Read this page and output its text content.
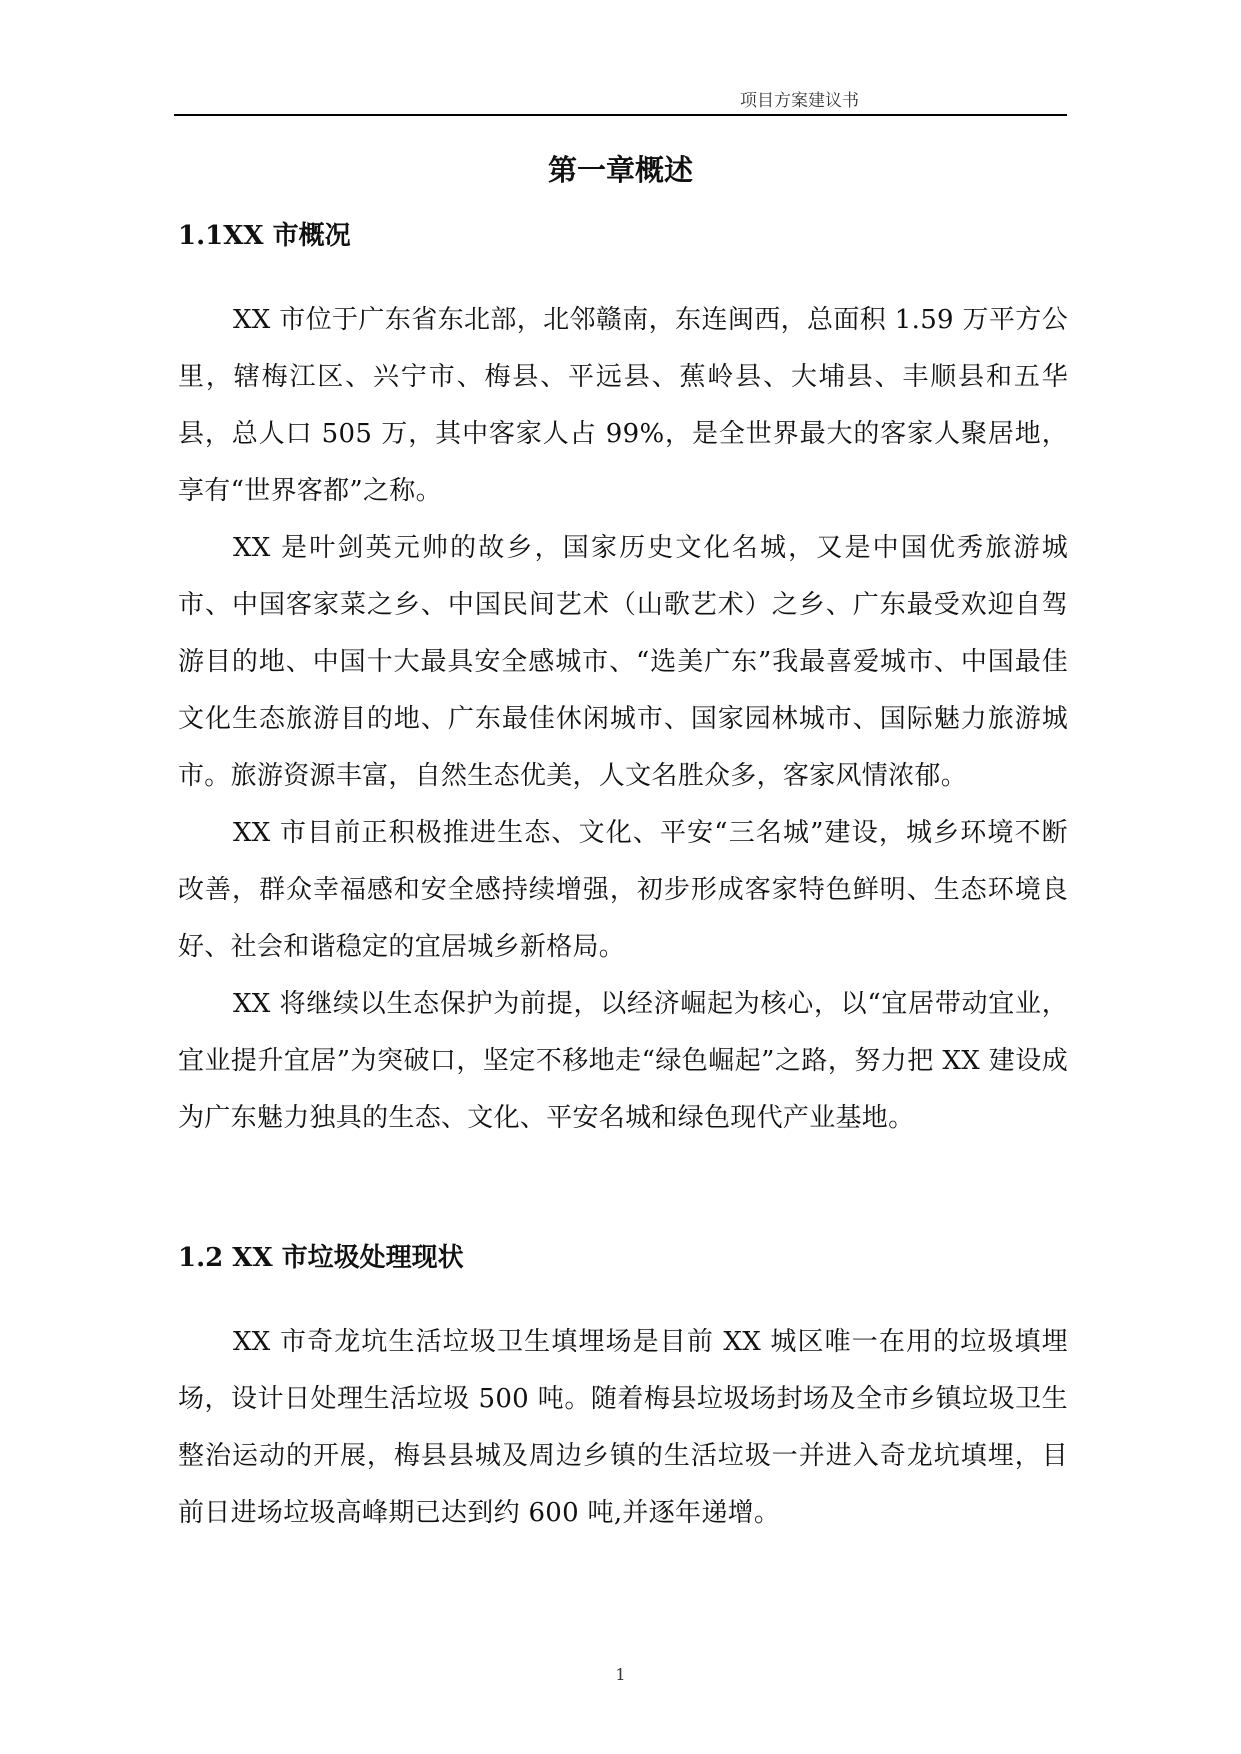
项目方案建议书
第一章概述
1.1XX 市概况

XX 市位于广东省东北部，北邻赣南，东连闽西，总面积 1.59 万平方公里，辖梅江区、兴宁市、梅县、平远县、蕉岭县、大埔县、丰顺县和五华县，总人口 505 万，其中客家人占 99%，是全世界最大的客家人聚居地，享有“世界客都”之称。

XX 是叶剑英元帅的故乡，国家历史文化名城，又是中国优秀旅游城市、中国客家菜之乡、中国民间艺术（山歌艺术）之乡、广东最受欢迎自驾游目的地、中国十大最具安全感城市、“选美广东”我最喜爱城市、中国最佳文化生态旅游目的地、广东最佳休闲城市、国家园林城市、国际魅力旅游城市。旅游资源丰富，自然生态优美，人文名胜众多，客家风情浓郁。

XX 市目前正积极推进生态、文化、平安“三名城”建设，城乡环境不断改善，群众幸福感和安全感持续增强，初步形成客家特色鲜明、生态环境良好、社会和谐稳定的宜居城乡新格局。

XX 将继续以生态保护为前提，以经济崛起为核心，以“宜居带动宜业，宜业提升宜居”为突破口，坚定不移地走“绿色崛起”之路，努力把 XX 建设成为广东魅力独具的生态、文化、平安名城和绿色现代产业基地。

1.2 XX 市垃圾处理现状

XX 市奇龙坑生活垃圾卫生填埋场是目前 XX 城区唯一在用的垃圾填埋场，设计日处理生活垃圾 500 吨。随着梅县垃圾场封场及全市乡镇垃圾卫生整治运动的开展，梅县县城及周边乡镇的生活垃圾一并进入奇龙坑填埋，目前日进场垃圾高峰期已达到约 600 吨,并逐年递增。

1
